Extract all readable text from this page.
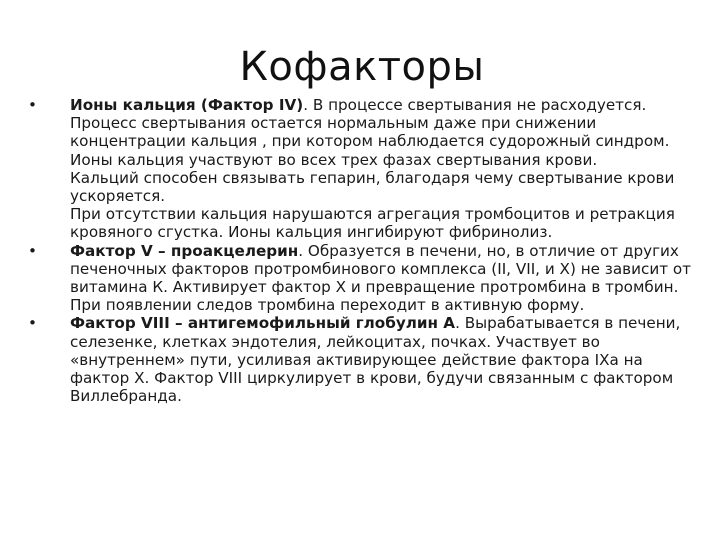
Кофакторы
•	Ионы кальция (Фактор IV). В процессе свертывания не расходуется. Процесс свертывания остается нормальным даже при снижении концентрации кальция , при котором наблюдается судорожный синдром.
Ионы кальция участвуют во всех трех фазах свертывания крови.
Кальций способен связывать гепарин, благодаря чему свертывание крови ускоряется.
При отсутствии кальция нарушаются агрегация тромбоцитов и ретракция кровяного сгустка. Ионы кальция ингибируют фибринолиз.
•	Фактор V – проакцелерин. Образуется в печени, но, в отличие от других печеночных факторов протромбинового комплекса (II, VII, и X) не зависит от витамина К. Активирует фактор Х и превращение протромбина в тромбин. При появлении следов тромбина переходит в активную форму.
•	Фактор VIII – антигемофильный глобулин А. Вырабатывается в печени, селезенке, клетках эндотелия, лейкоцитах, почках. Участвует во «внутреннем» пути, усиливая активирующее действие фактора IXa на фактор X. Фактор VIII циркулирует в крови, будучи связанным с фактором Виллебранда.
